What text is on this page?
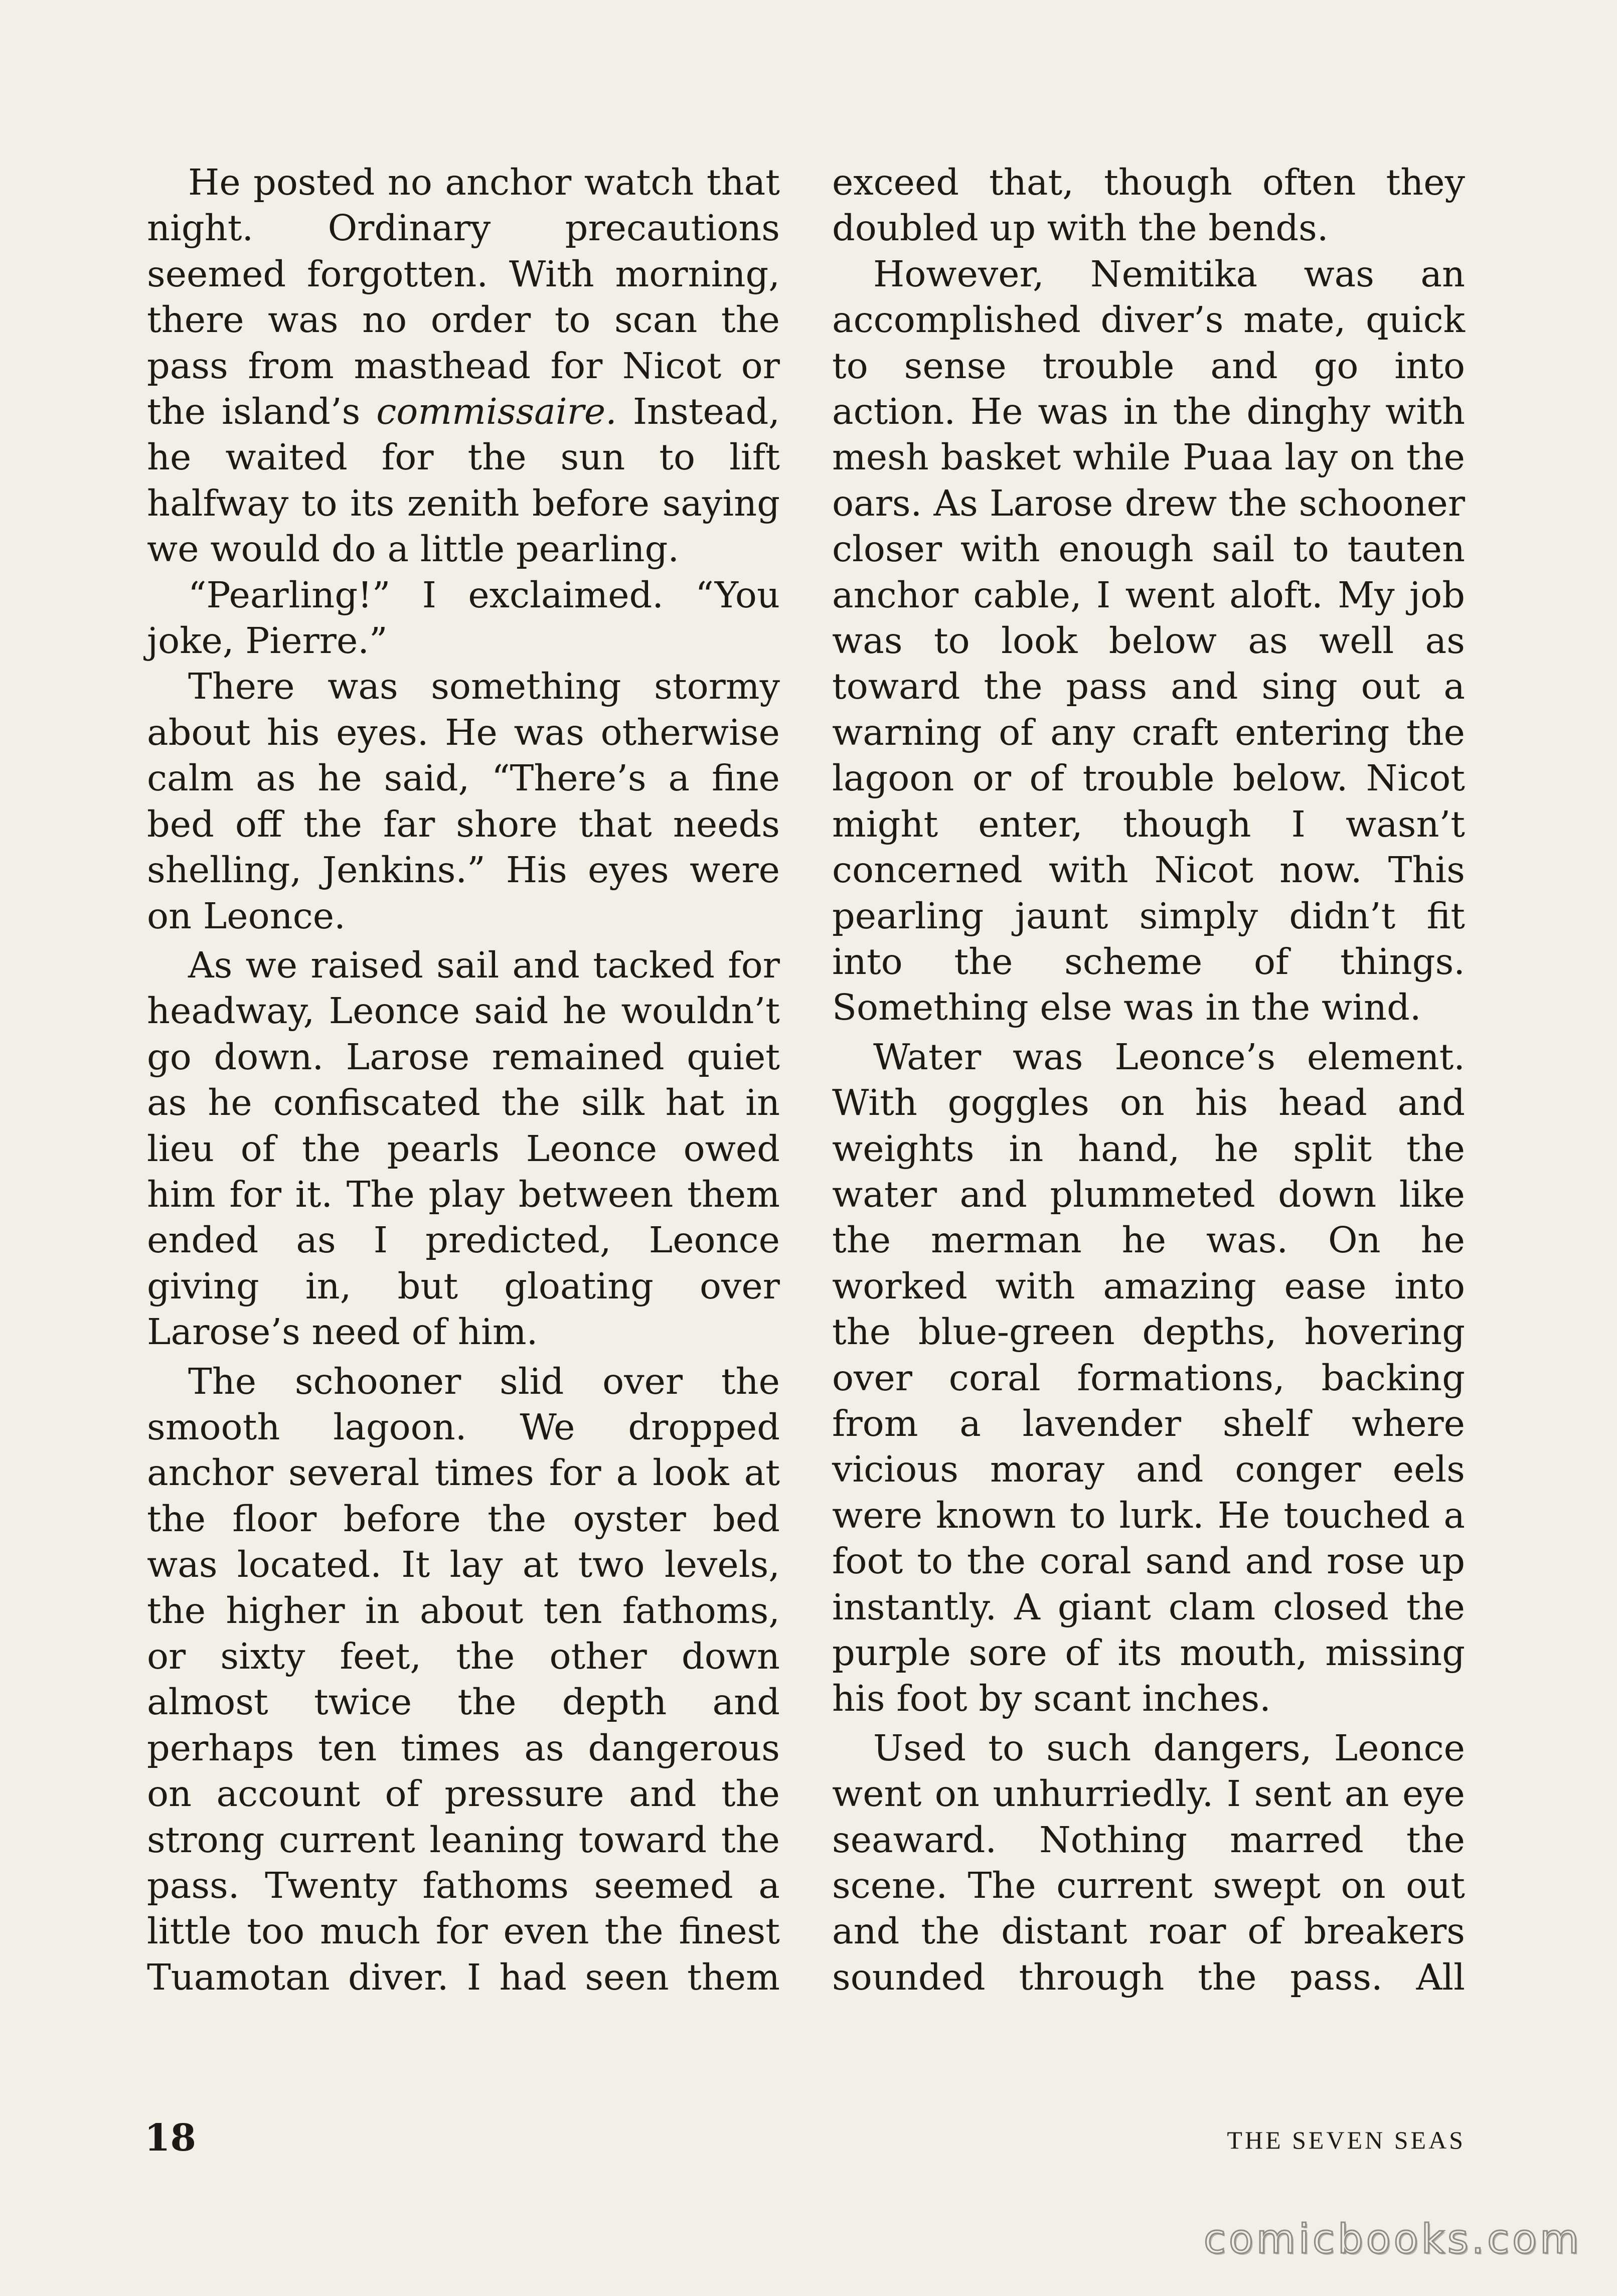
He posted no anchor watch that night. Ordinary precautions seemed forgotten. With morning, there was no order to scan the pass from masthead for Nicot or the island’s commissaire. Instead, he waited for the sun to lift halfway to its zenith before saying we would do a little pearling.

“Pearling!” I exclaimed. “You joke, Pierre.”

There was something stormy about his eyes. He was otherwise calm as he said, “There’s a fine bed off the far shore that needs shelling, Jenkins.” His eyes were on Leonce.

As we raised sail and tacked for headway, Leonce said he wouldn’t go down. Larose remained quiet as he confiscated the silk hat in lieu of the pearls Leonce owed him for it. The play between them ended as I predicted, Leonce giving in, but gloating over Larose’s need of him.

The schooner slid over the smooth lagoon. We dropped anchor several times for a look at the floor before the oyster bed was located. It lay at two levels, the higher in about ten fathoms, or sixty feet, the other down almost twice the depth and perhaps ten times as dangerous on account of pressure and the strong current leaning toward the pass. Twenty fathoms seemed a little too much for even the finest Tuamotan diver. I had seen them

exceed that, though often they doubled up with the bends.

However, Nemitika was an accomplished diver’s mate, quick to sense trouble and go into action. He was in the dinghy with mesh basket while Puaa lay on the oars. As Larose drew the schooner closer with enough sail to tauten anchor cable, I went aloft. My job was to look below as well as toward the pass and sing out a warning of any craft entering the lagoon or of trouble below. Nicot might enter, though I wasn’t concerned with Nicot now. This pearling jaunt simply didn’t fit into the scheme of things. Something else was in the wind.

Water was Leonce’s element. With goggles on his head and weights in hand, he split the water and plummeted down like the merman he was. On he worked with amazing ease into the blue-green depths, hovering over coral formations, backing from a lavender shelf where vicious moray and conger eels were known to lurk. He touched a foot to the coral sand and rose up instantly. A giant clam closed the purple sore of its mouth, missing his foot by scant inches.

Used to such dangers, Leonce went on unhurriedly. I sent an eye seaward. Nothing marred the scene. The current swept on out and the distant roar of breakers sounded through the pass. All

18	THE SEVEN SEAS
comicbooks.com
